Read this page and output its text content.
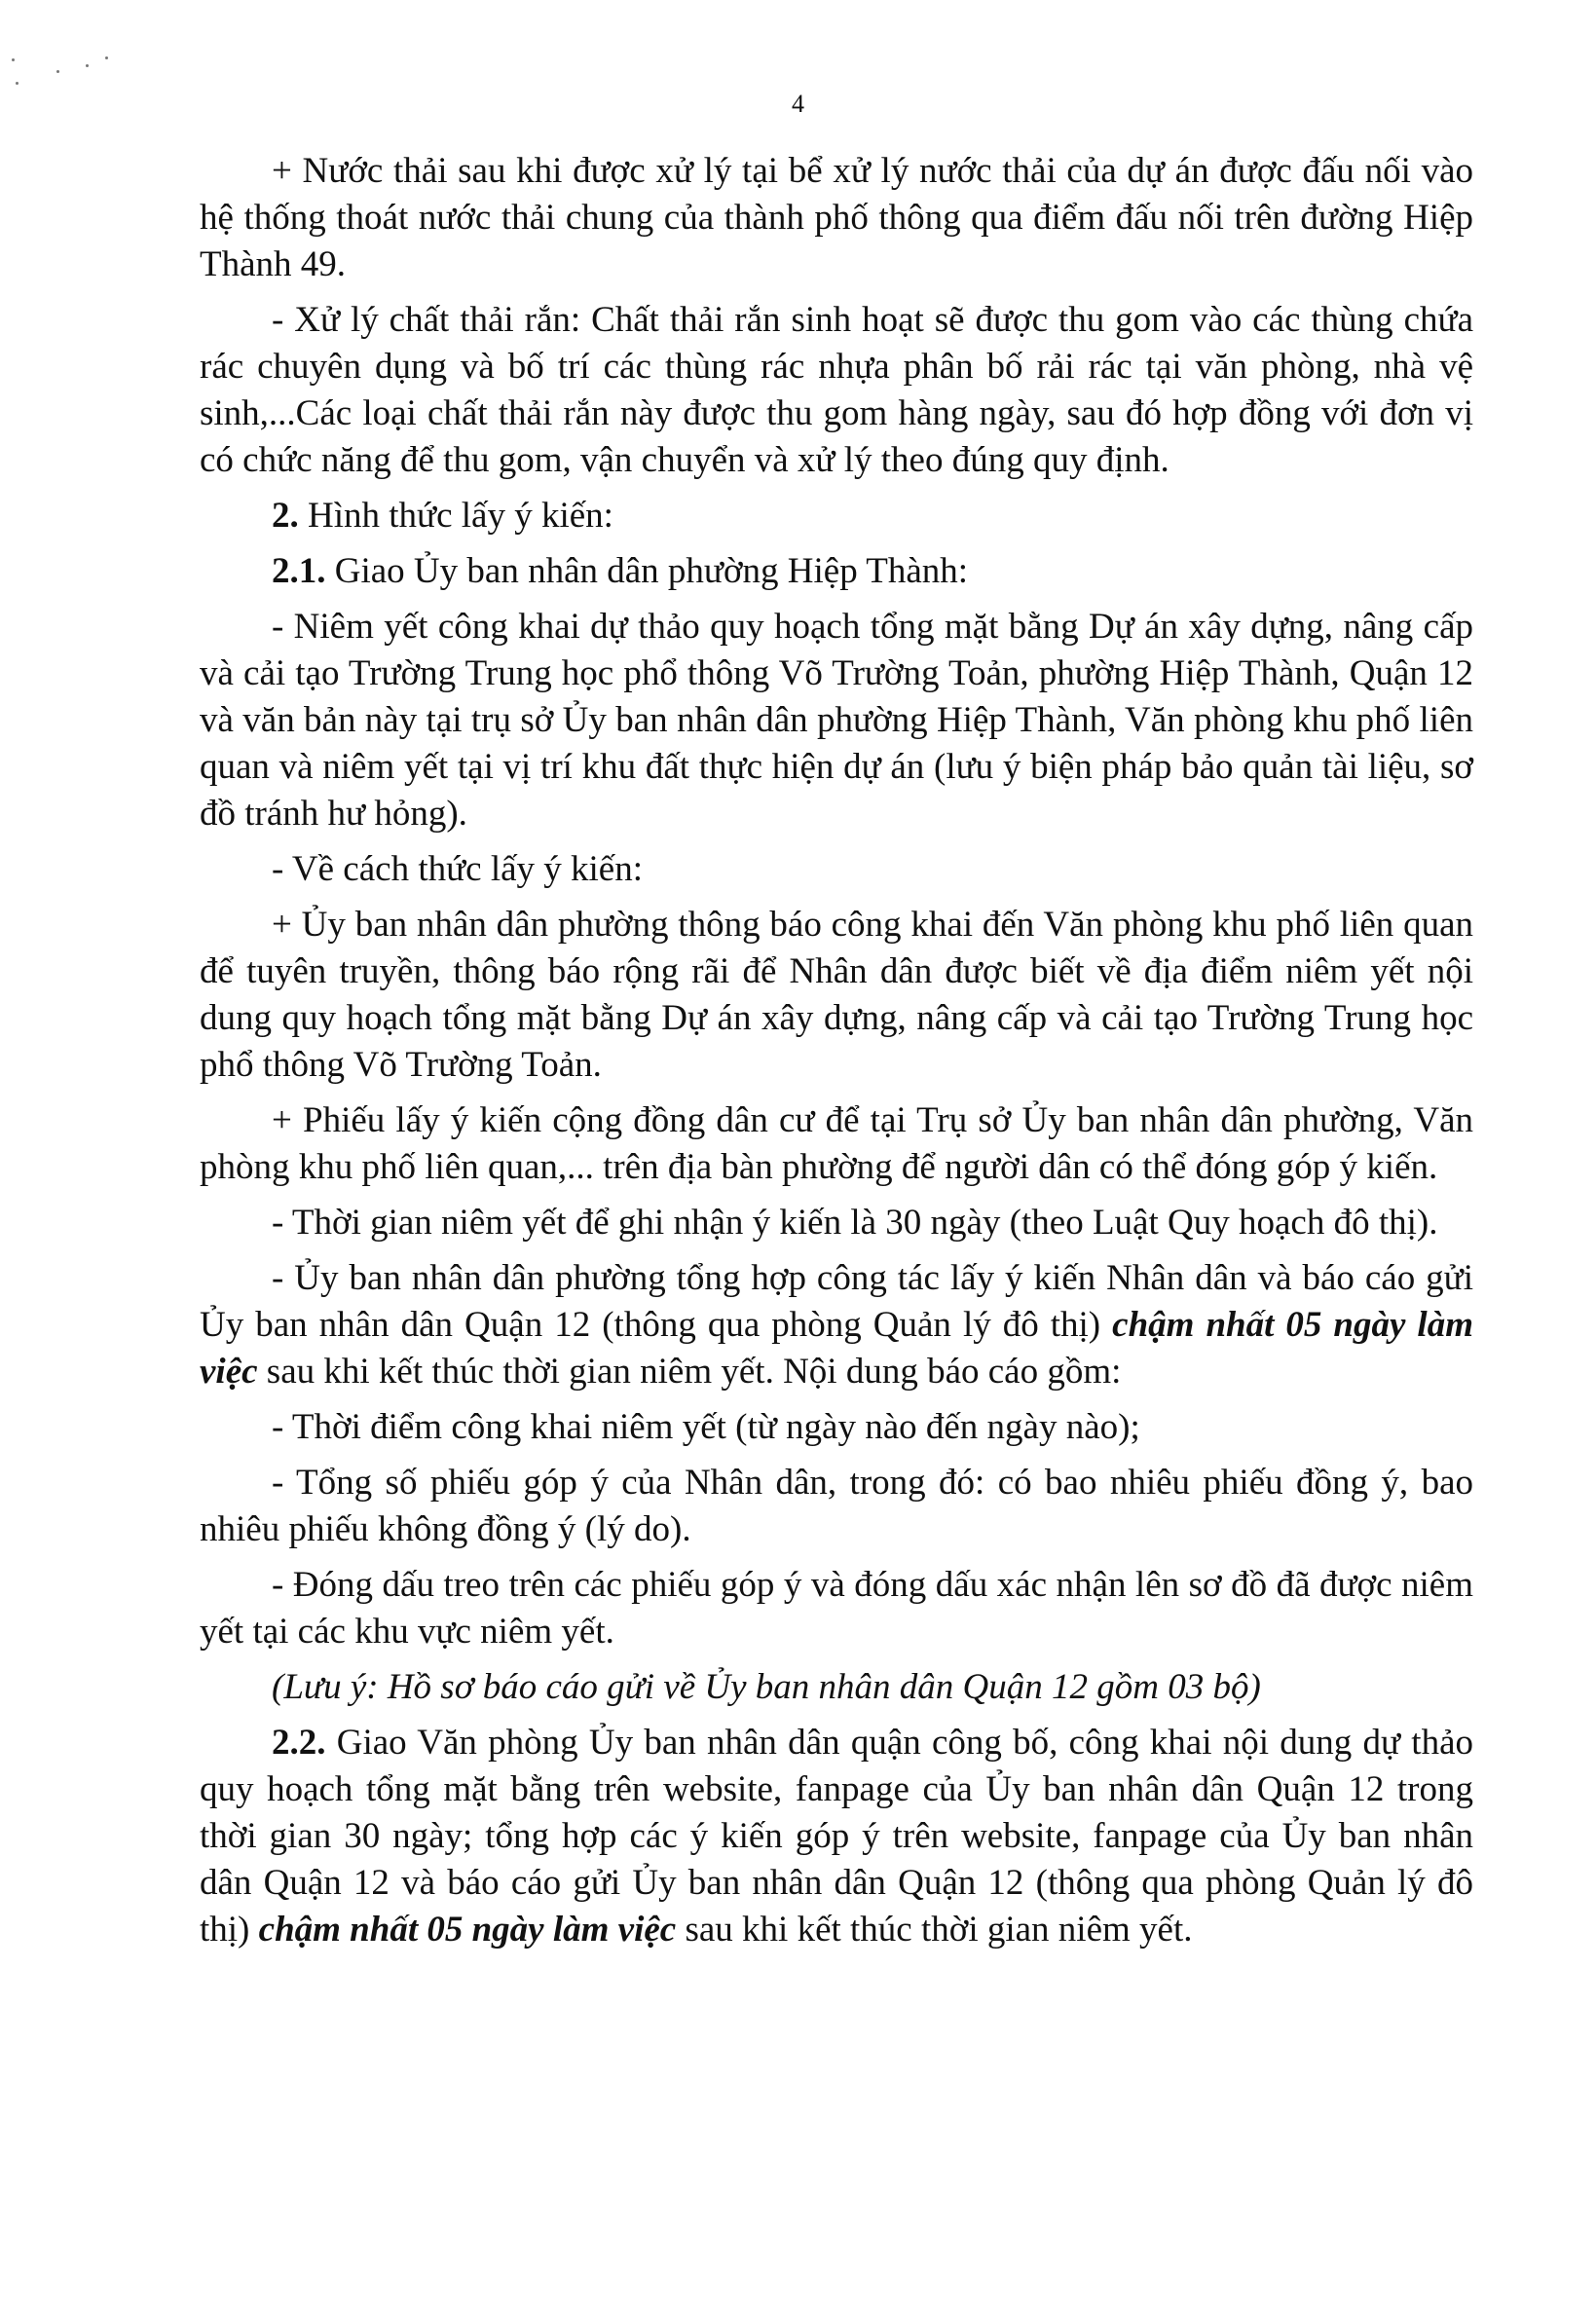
4

+ Nước thải sau khi được xử lý tại bể xử lý nước thải của dự án được đấu nối vào hệ thống thoát nước thải chung của thành phố thông qua điểm đấu nối trên đường Hiệp Thành 49.

- Xử lý chất thải rắn: Chất thải rắn sinh hoạt sẽ được thu gom vào các thùng chứa rác chuyên dụng và bố trí các thùng rác nhựa phân bố rải rác tại văn phòng, nhà vệ sinh,...Các loại chất thải rắn này được thu gom hàng ngày, sau đó hợp đồng với đơn vị có chức năng để thu gom, vận chuyển và xử lý theo đúng quy định.

2. Hình thức lấy ý kiến:

2.1. Giao Ủy ban nhân dân phường Hiệp Thành:

- Niêm yết công khai dự thảo quy hoạch tổng mặt bằng Dự án xây dựng, nâng cấp và cải tạo Trường Trung học phổ thông Võ Trường Toản, phường Hiệp Thành, Quận 12 và văn bản này tại trụ sở Ủy ban nhân dân phường Hiệp Thành, Văn phòng khu phố liên quan và niêm yết tại vị trí khu đất thực hiện dự án (lưu ý biện pháp bảo quản tài liệu, sơ đồ tránh hư hỏng).

- Về cách thức lấy ý kiến:

+ Ủy ban nhân dân phường thông báo công khai đến Văn phòng khu phố liên quan để tuyên truyền, thông báo rộng rãi để Nhân dân được biết về địa điểm niêm yết nội dung quy hoạch tổng mặt bằng Dự án xây dựng, nâng cấp và cải tạo Trường Trung học phổ thông Võ Trường Toản.

+ Phiếu lấy ý kiến cộng đồng dân cư để tại Trụ sở Ủy ban nhân dân phường, Văn phòng khu phố liên quan,... trên địa bàn phường để người dân có thể đóng góp ý kiến.

- Thời gian niêm yết để ghi nhận ý kiến là 30 ngày (theo Luật Quy hoạch đô thị).

- Ủy ban nhân dân phường tổng hợp công tác lấy ý kiến Nhân dân và báo cáo gửi Ủy ban nhân dân Quận 12 (thông qua phòng Quản lý đô thị) chậm nhất 05 ngày làm việc sau khi kết thúc thời gian niêm yết. Nội dung báo cáo gồm:

- Thời điểm công khai niêm yết (từ ngày nào đến ngày nào);

- Tổng số phiếu góp ý của Nhân dân, trong đó: có bao nhiêu phiếu đồng ý, bao nhiêu phiếu không đồng ý (lý do).

- Đóng dấu treo trên các phiếu góp ý và đóng dấu xác nhận lên sơ đồ đã được niêm yết tại các khu vực niêm yết.

(Lưu ý: Hồ sơ báo cáo gửi về Ủy ban nhân dân Quận 12 gồm 03 bộ)

2.2. Giao Văn phòng Ủy ban nhân dân quận công bố, công khai nội dung dự thảo quy hoạch tổng mặt bằng trên website, fanpage của Ủy ban nhân dân Quận 12 trong thời gian 30 ngày; tổng hợp các ý kiến góp ý trên website, fanpage của Ủy ban nhân dân Quận 12 và báo cáo gửi Ủy ban nhân dân Quận 12 (thông qua phòng Quản lý đô thị) chậm nhất 05 ngày làm việc sau khi kết thúc thời gian niêm yết.
